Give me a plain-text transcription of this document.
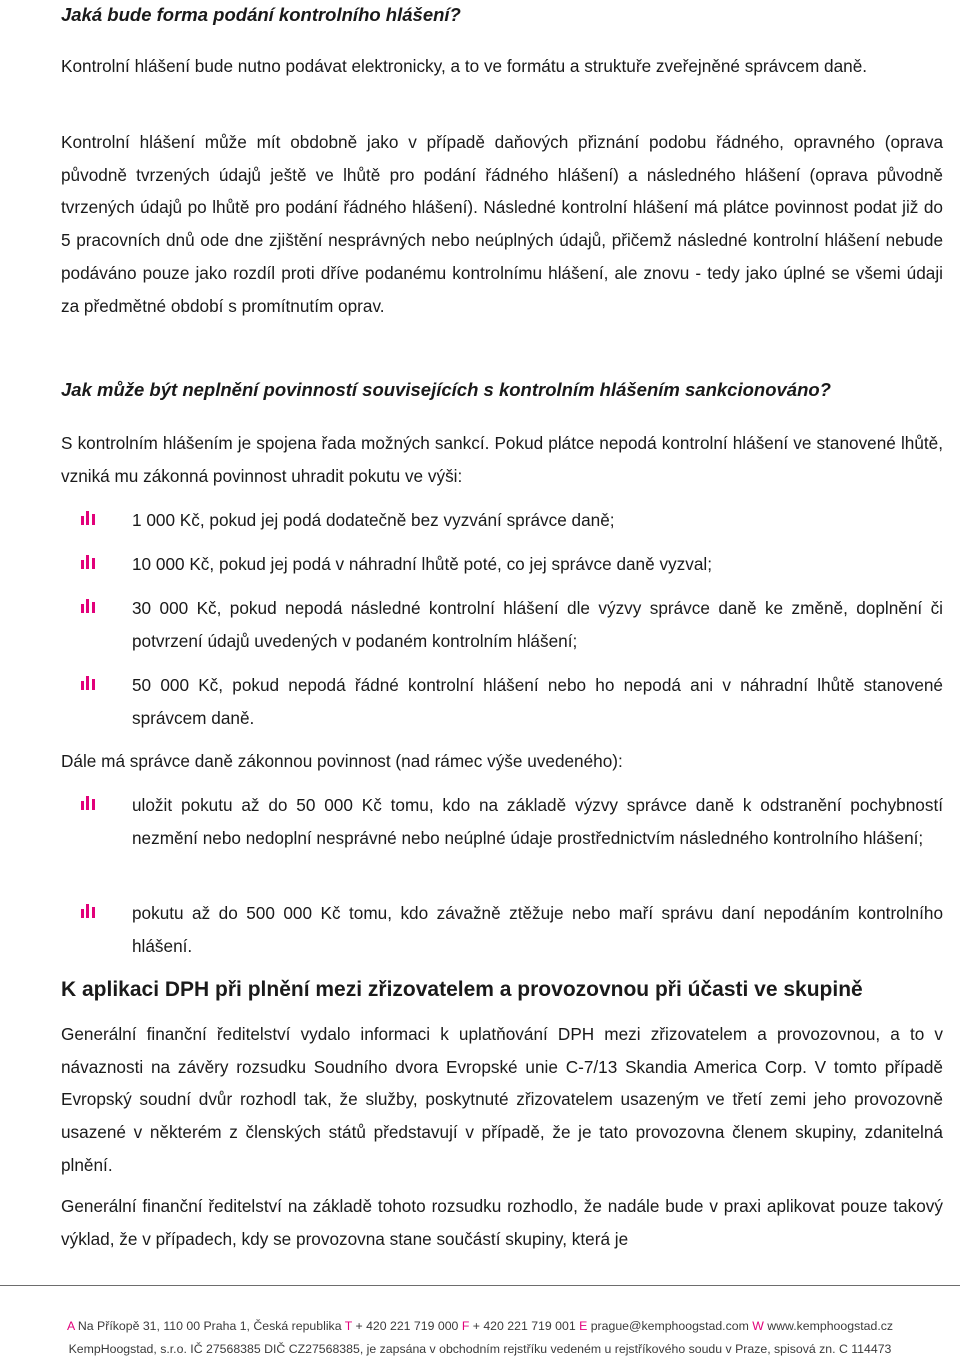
Jaká bude forma podání kontrolního hlášení?

Kontrolní hlášení bude nutno podávat elektronicky, a to ve formátu a struktuře zveřejněné správcem daně.

Kontrolní hlášení může mít obdobně jako v případě daňových přiznání podobu řádného, opravného (oprava původně tvrzených údajů ještě ve lhůtě pro podání řádného hlášení) a následného hlášení (oprava původně tvrzených údajů po lhůtě pro podání řádného hlášení). Následné kontrolní hlášení má plátce povinnost podat již do 5 pracovních dnů ode dne zjištění nesprávných nebo neúplných údajů, přičemž následné kontrolní hlášení nebude podáváno pouze jako rozdíl proti dříve podanému kontrolnímu hlášení, ale znovu - tedy jako úplné se všemi údaji za předmětné období s promítnutím oprav.

Jak může být neplnění povinností souvisejících s kontrolním hlášením sankcionováno?

S kontrolním hlášením je spojena řada možných sankcí. Pokud plátce nepodá kontrolní hlášení ve stanovené lhůtě, vzniká mu zákonná povinnost uhradit pokutu ve výši:

1 000 Kč, pokud jej podá dodatečně bez vyzvání správce daně;
10 000 Kč, pokud jej podá v náhradní lhůtě poté, co jej správce daně vyzval;
30 000 Kč, pokud nepodá následné kontrolní hlášení dle výzvy správce daně ke změně, doplnění či potvrzení údajů uvedených v podaném kontrolním hlášení;
50 000 Kč, pokud nepodá řádné kontrolní hlášení nebo ho nepodá ani v náhradní lhůtě stanovené správcem daně.

Dále má správce daně zákonnou povinnost (nad rámec výše uvedeného):

uložit pokutu až do 50 000 Kč tomu, kdo na základě výzvy správce daně k odstranění pochybností nezmění nebo nedoplní nesprávné nebo neúplné údaje prostřednictvím následného kontrolního hlášení;
pokutu až do 500 000 Kč tomu, kdo závažně ztěžuje nebo maří správu daní nepodáním kontrolního hlášení.
K aplikaci DPH při plnění mezi zřizovatelem a provozovnou při účasti ve skupině

Generální finanční ředitelství vydalo informaci k uplatňování DPH mezi zřizovatelem a provozovnou, a to v návaznosti na závěry rozsudku Soudního dvora Evropské unie C-7/13 Skandia America Corp. V tomto případě Evropský soudní dvůr rozhodl tak, že služby, poskytnuté zřizovatelem usazeným ve třetí zemi jeho provozovně usazené v některém z členských států představují v případě, že je tato provozovna členem skupiny, zdanitelná plnění.

Generální finanční ředitelství na základě tohoto rozsudku rozhodlo, že nadále bude v praxi aplikovat pouze takový výklad, že v případech, kdy se provozovna stane součástí skupiny, která je

A Na Příkopě 31, 110 00 Praha 1, Česká republika T + 420 221 719 000 F + 420 221 719 001 E prague@kemphoogstad.com W www.kemphoogstad.cz
KempHoogstad, s.r.o. IČ 27568385 DIČ CZ27568385, je zapsána v obchodním rejstříku vedeném u rejstříkového soudu v Praze, spisová zn. C 114473
